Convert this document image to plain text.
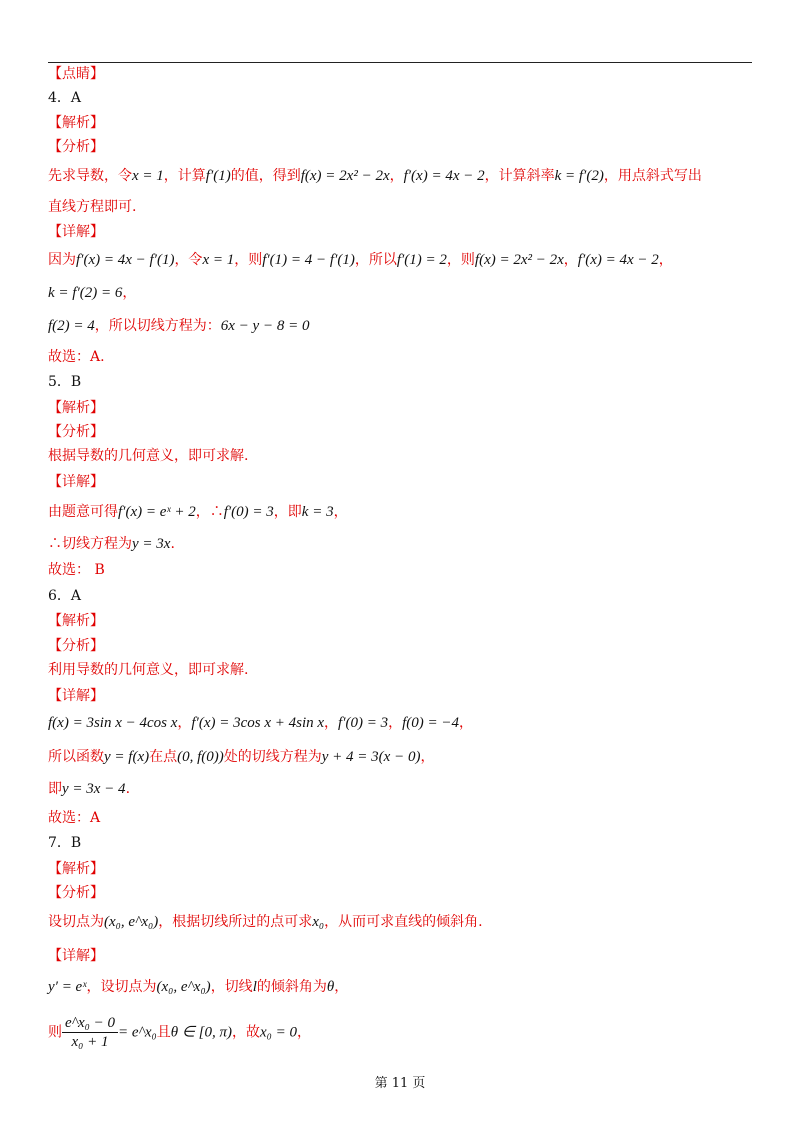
【点睛】
4．A
【解析】
【分析】
先求导数，令x = 1，计算f′(1)的值，得到f(x) = 2x² − 2x，f′(x) = 4x − 2，计算斜率k = f′(2)，用点斜式写出
直线方程即可.
【详解】
因为f′(x) = 4x − f′(1)，令x = 1，则f′(1) = 4 − f′(1)，所以f′(1) = 2，则f(x) = 2x² − 2x，f′(x) = 4x − 2，
k = f′(2) = 6，
f(2) = 4，所以切线方程为：6x − y − 8 = 0
故选：A.
5．B
【解析】
【分析】
根据导数的几何意义，即可求解.
【详解】
由题意可得f′(x) = eˣ + 2，∴f′(0) = 3，即k = 3，
∴切线方程为y = 3x.
故选： B
6．A
【解析】
【分析】
利用导数的几何意义，即可求解.
【详解】
f(x) = 3sin x − 4cos x，f′(x) = 3cos x + 4sin x，f′(0) = 3，f(0) = −4，
所以函数y = f(x)在点(0, f(0))处的切线方程为y + 4 = 3(x − 0)，
即y = 3x − 4.
故选：A
7．B
【解析】
【分析】
设切点为(x₀, e^x₀)，根据切线所过的点可求x₀，从而可求直线的倾斜角.
【详解】
y′ = eˣ，设切点为(x₀, e^x₀)，切线l的倾斜角为θ，
则 $\frac{\text{e\textasciicircum{}x₀ − 0}}{\text{x₀ + 1}}$ = e^x₀且θ ∈ [0, π)，故x₀ = 0，
第 11 页
